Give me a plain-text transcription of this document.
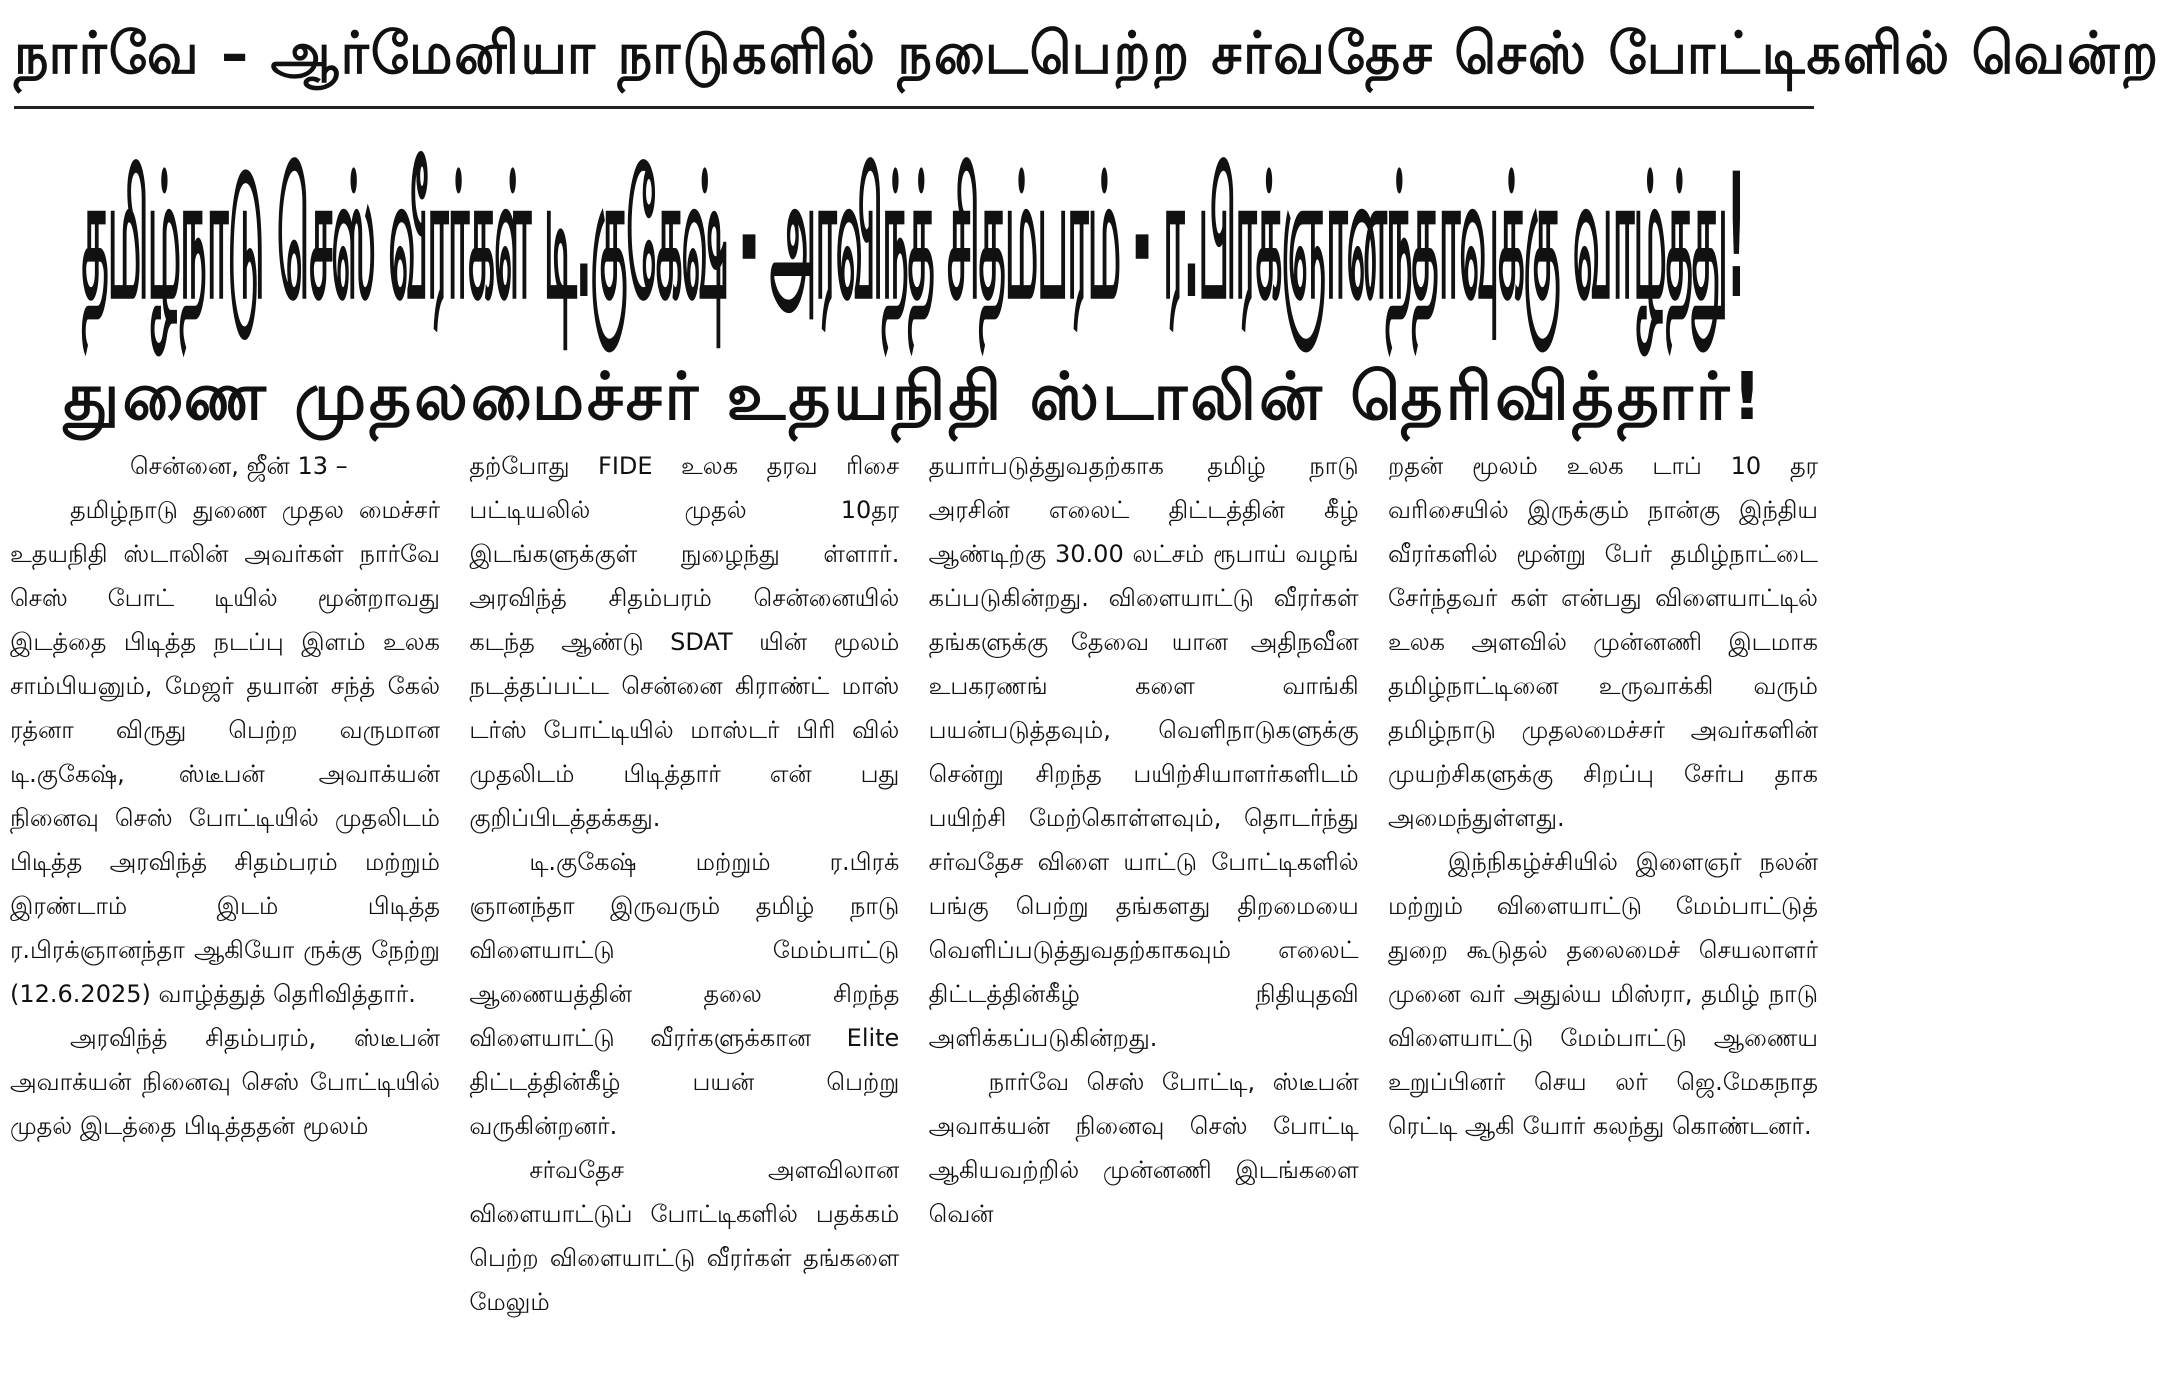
நார்வே – ஆர்மேனியா நாடுகளில் நடைபெற்ற சர்வதேச செஸ் போட்டிகளில் வென்ற
தமிழ்நாடு செஸ் வீரர்கள் டி.குகேஷ் - அரவிந்த் சிதம்பரம் - ர.பிரக்ஞானந்தாவுக்கு வாழ்த்து!
துணை முதலமைச்சர் உதயநிதி ஸ்டாலின் தெரிவித்தார்!

சென்னை, ஜீன் 13 –

தமிழ்நாடு துணை முதல மைச்சர் உதயநிதி ஸ்டாலின் அவர்கள் நார்வே செஸ் போட் டியில் மூன்றாவது இடத்தை பிடித்த நடப்பு இளம் உலக சாம்பியனும், மேஜர் தயான் சந்த் கேல் ரத்னா விருது பெற்ற வருமான டி.குகேஷ், ஸ்டீபன் அவாக்யன் நினைவு செஸ் போட்டியில் முதலிடம் பிடித்த அரவிந்த் சிதம்பரம் மற்றும் இரண்டாம் இடம் பிடித்த ர.பிரக்ஞானந்தா ஆகியோ ருக்கு நேற்று (12.6.2025) வாழ்த்துத் தெரிவித்தார்.

அரவிந்த் சிதம்பரம், ஸ்டீபன் அவாக்யன் நினைவு செஸ் போட்டியில் முதல் இடத்தை பிடித்ததன் மூலம்

தற்போது FIDE உலக தரவ ரிசை பட்டியலில் முதல் 10தர இடங்களுக்குள் நுழைந்து ள்ளார். அரவிந்த் சிதம்பரம் சென்னையில் கடந்த ஆண்டு SDAT யின் மூலம் நடத்தப்பட்ட சென்னை கிராண்ட் மாஸ் டர்ஸ் போட்டியில் மாஸ்டர் பிரி வில் முதலிடம் பிடித்தார் என் பது குறிப்பிடத்தக்கது.

டி.குகேஷ் மற்றும் ர.பிரக் ஞானந்தா இருவரும் தமிழ் நாடு விளையாட்டு மேம்பாட்டு ஆணையத்தின் தலை சிறந்த விளையாட்டு வீரர்களுக்கான Elite திட்டத்தின்கீழ் பயன் பெற்று வருகின்றனர்.

சர்வதேச அளவிலான விளையாட்டுப் போட்டிகளில் பதக்கம் பெற்ற விளையாட்டு வீரர்கள் தங்களை மேலும்

தயார்படுத்துவதற்காக தமிழ் நாடு அரசின் எலைட் திட்டத்தின் கீழ் ஆண்டிற்கு 30.00 லட்சம் ரூபாய் வழங் கப்படுகின்றது. விளையாட்டு வீரர்கள் தங்களுக்கு தேவை யான அதிநவீன உபகரணங் களை வாங்கி பயன்படுத்தவும், வெளிநாடுகளுக்கு சென்று சிறந்த பயிற்சியாளர்களிடம் பயிற்சி மேற்கொள்ளவும், தொடர்ந்து சர்வதேச விளை யாட்டு போட்டிகளில் பங்கு பெற்று தங்களது திறமையை வெளிப்படுத்துவதற்காகவும் எலைட் திட்டத்தின்கீழ் நிதியுதவி அளிக்கப்படுகின்றது.

நார்வே செஸ் போட்டி, ஸ்டீபன் அவாக்யன் நினைவு செஸ் போட்டி ஆகியவற்றில் முன்னணி இடங்களை வென்

றதன் மூலம் உலக டாப் 10 தர வரிசையில் இருக்கும் நான்கு இந்திய வீரர்களில் மூன்று பேர் தமிழ்நாட்டை சேர்ந்தவர் கள் என்பது விளையாட்டில் உலக அளவில் முன்னணி இடமாக தமிழ்நாட்டினை உருவாக்கி வரும் தமிழ்நாடு முதலமைச்சர் அவர்களின் முயற்சிகளுக்கு சிறப்பு சேர்ப தாக அமைந்துள்ளது.

இந்நிகழ்ச்சியில் இளைஞர் நலன் மற்றும் விளையாட்டு மேம்பாட்டுத் துறை கூடுதல் தலைமைச் செயலாளர் முனை வர் அதுல்ய மிஸ்ரா, தமிழ் நாடு விளையாட்டு மேம்பாட்டு ஆணைய உறுப்பினர் செய லர் ஜெ.மேகநாத ரெட்டி ஆகி யோர் கலந்து கொண்டனர்.
